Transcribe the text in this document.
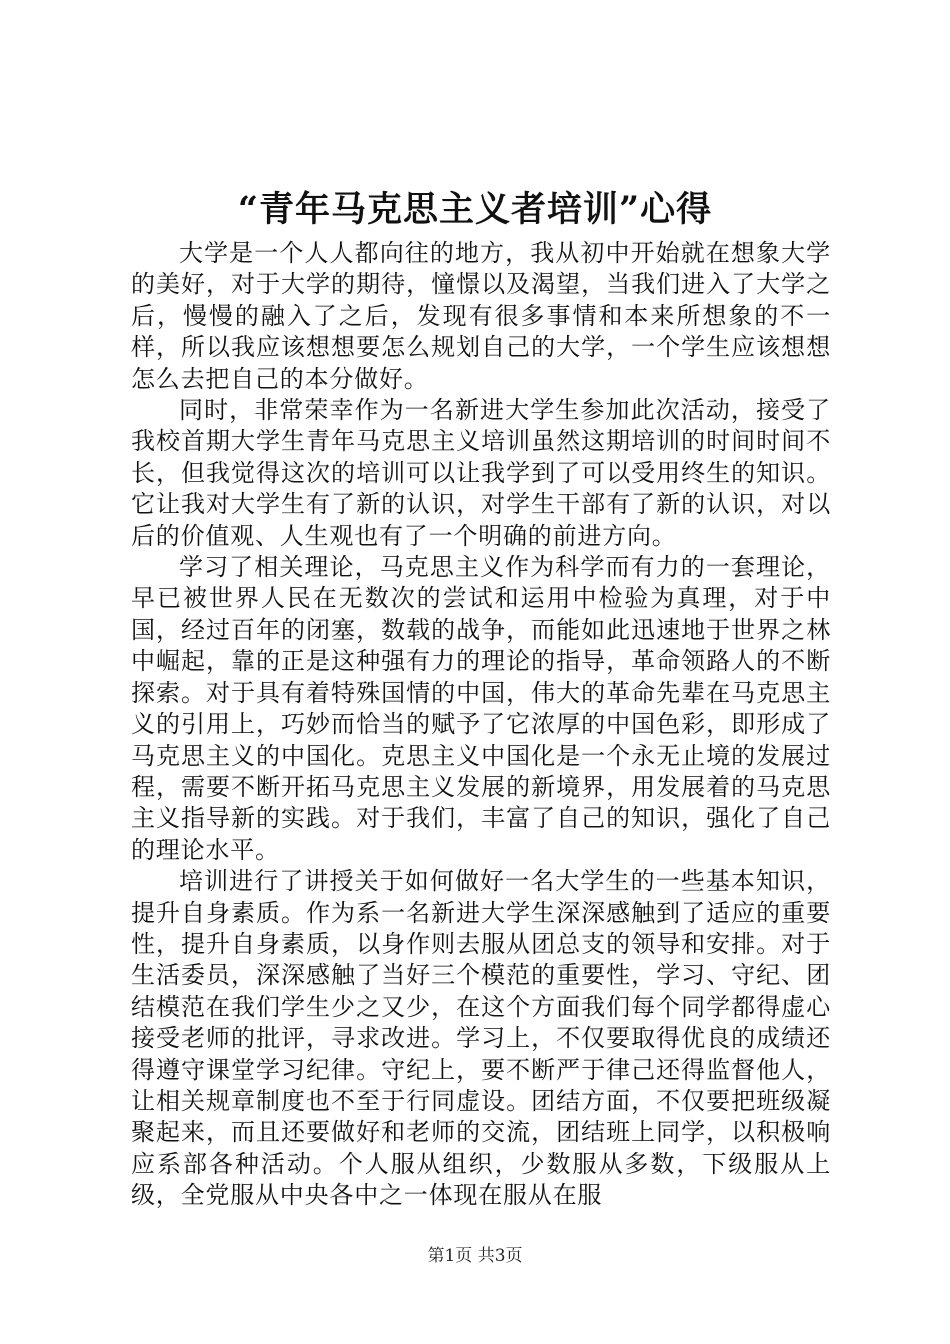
“青年马克思主义者培训”心得

大学是一个人人都向往的地方，我从初中开始就在想象大学的美好，对于大学的期待，憧憬以及渴望，当我们进入了大学之后，慢慢的融入了之后，发现有很多事情和本来所想象的不一样，所以我应该想想要怎么规划自己的大学，一个学生应该想想怎么去把自己的本分做好。

同时，非常荣幸作为一名新进大学生参加此次活动，接受了我校首期大学生青年马克思主义培训虽然这期培训的时间时间不长，但我觉得这次的培训可以让我学到了可以受用终生的知识。它让我对大学生有了新的认识，对学生干部有了新的认识，对以后的价值观、人生观也有了一个明确的前进方向。

学习了相关理论，马克思主义作为科学而有力的一套理论，早已被世界人民在无数次的尝试和运用中检验为真理，对于中国，经过百年的闭塞，数载的战争，而能如此迅速地于世界之林中崛起，靠的正是这种强有力的理论的指导，革命领路人的不断探索。对于具有着特殊国情的中国，伟大的革命先辈在马克思主义的引用上，巧妙而恰当的赋予了它浓厚的中国色彩，即形成了马克思主义的中国化。克思主义中国化是一个永无止境的发展过程，需要不断开拓马克思主义发展的新境界，用发展着的马克思主义指导新的实践。对于我们，丰富了自己的知识，强化了自己的理论水平。

培训进行了讲授关于如何做好一名大学生的一些基本知识，提升自身素质。作为系一名新进大学生深深感触到了适应的重要性，提升自身素质，以身作则去服从团总支的领导和安排。对于生活委员，深深感触了当好三个模范的重要性，学习、守纪、团结模范在我们学生少之又少，在这个方面我们每个同学都得虚心接受老师的批评，寻求改进。学习上，不仅要取得优良的成绩还得遵守课堂学习纪律。守纪上，要不断严于律己还得监督他人，让相关规章制度也不至于行同虚设。团结方面，不仅要把班级凝聚起来，而且还要做好和老师的交流，团结班上同学，以积极响应系部各种活动。个人服从组织，少数服从多数，下级服从上级，全党服从中央各中之一体现在服从在服

第1页 共3页
